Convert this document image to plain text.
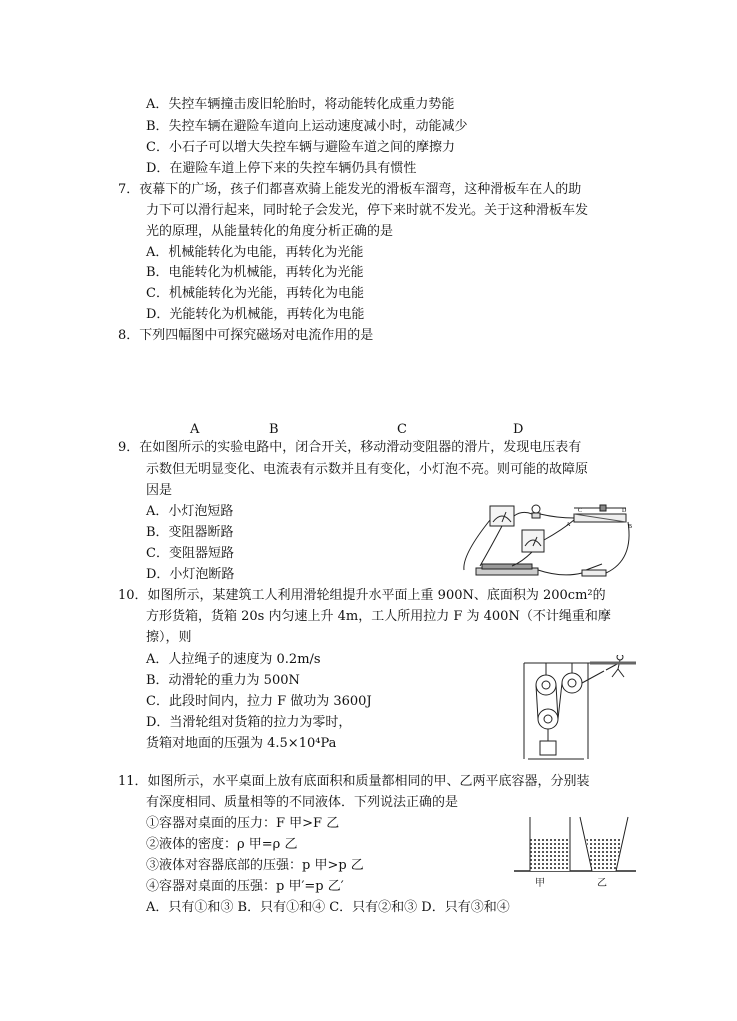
A．失控车辆撞击废旧轮胎时，将动能转化成重力势能
B．失控车辆在避险车道向上运动速度减小时，动能减少
C．小石子可以增大失控车辆与避险车道之间的摩擦力
D．在避险车道上停下来的失控车辆仍具有惯性
7．夜幕下的广场，孩子们都喜欢骑上能发光的滑板车溜弯，这种滑板车在人的助
力下可以滑行起来，同时轮子会发光，停下来时就不发光。关于这种滑板车发
光的原理，从能量转化的角度分析正确的是
A．机械能转化为电能，再转化为光能
B．电能转化为机械能，再转化为光能
C．机械能转化为光能，再转化为电能
D．光能转化为机械能，再转化为电能
8．下列四幅图中可探究磁场对电流作用的是
A	B	C	D
9．在如图所示的实验电路中，闭合开关，移动滑动变阻器的滑片，发现电压表有
示数但无明显变化、电流表有示数并且有变化，小灯泡不亮。则可能的故障原
因是
A．小灯泡短路
B．变阻器断路
C．变阻器短路
D．小灯泡断路
C	D
A	B
10．如图所示，某建筑工人利用滑轮组提升水平面上重 900N、底面积为 200cm²的
方形货箱，货箱 20s 内匀速上升 4m，工人所用拉力 F 为 400N（不计绳重和摩
擦），则
A．人拉绳子的速度为 0.2m/s
B．动滑轮的重力为 500N
C．此段时间内，拉力 F 做功为 3600J
D．当滑轮组对货箱的拉力为零时，
货箱对地面的压强为 4.5×10⁴Pa
11．如图所示，水平桌面上放有底面积和质量都相同的甲、乙两平底容器，分别装
有深度相同、质量相等的不同液体．下列说法正确的是
①容器对桌面的压力：F 甲>F 乙
②液体的密度：ρ 甲=ρ 乙
③液体对容器底部的压强：p 甲>p 乙
④容器对桌面的压强：p 甲′=p 乙′
A．只有①和③ B．只有①和④ C．只有②和③ D．只有③和④
甲	乙
